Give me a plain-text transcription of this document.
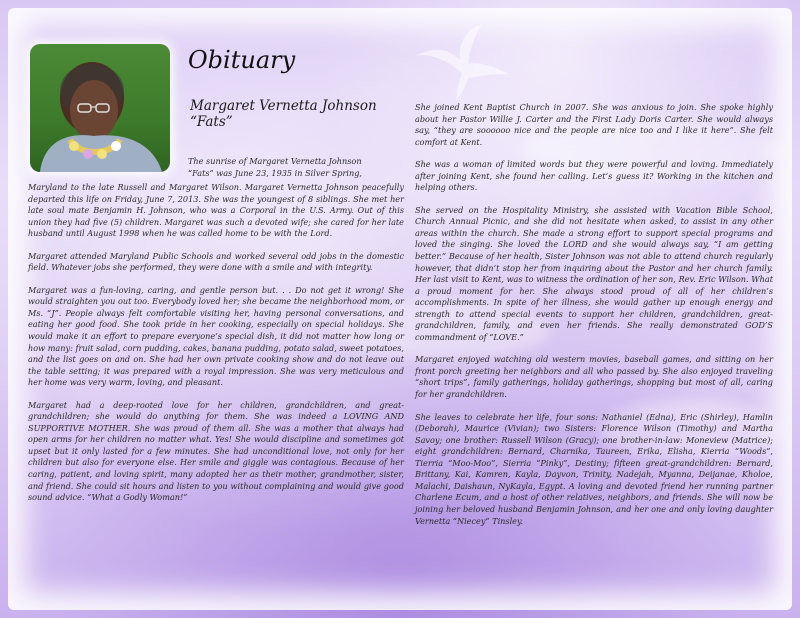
Obituary
Margaret Vernetta Johnson
“Fats”

The sunrise of Margaret Vernetta Johnson

“Fats” was June 23, 1935 in Silver Spring,

Maryland to the late Russell and Margaret Wilson. Margaret Vernetta Johnson peacefully departed this life on Friday, June 7, 2013. She was the youngest of 8 siblings. She met her late soul mate Benjamin H. Johnson, who was a Corporal in the U.S. Army. Out of this union they had five (5) children. Margaret was such a devoted wife; she cared for her late husband until August 1998 when he was called home to be with the Lord.

Margaret attended Maryland Public Schools and worked several odd jobs in the domestic field. Whatever jobs she performed, they were done with a smile and with integrity.

Margaret was a fun-loving, caring, and gentle person but. . . Do not get it wrong! She would straighten you out too. Everybody loved her; she became the neighborhood mom, or Ms. “J”. People always felt comfortable visiting her, having personal conversations, and eating her good food. She took pride in her cooking, especially on special holidays. She would make it an effort to prepare everyone’s special dish, it did not matter how long or how many: fruit salad, corn pudding, cakes, banana pudding, potato salad, sweet potatoes, and the list goes on and on. She had her own private cooking show and do not leave out the table setting; it was prepared with a royal impression. She was very meticulous and her home was very warm, loving, and pleasant.

Margaret had a deep-rooted love for her children, grandchildren, and great- grandchildren; she would do anything for them. She was indeed a LOVING AND SUPPORTIVE MOTHER. She was proud of them all. She was a mother that always had open arms for her children no matter what. Yes! She would discipline and sometimes got upset but it only lasted for a few minutes. She had unconditional love, not only for her children but also for everyone else. Her smile and giggle was contagious. Because of her caring, patient, and loving spirit, many adopted her as their mother, grandmother, sister, and friend. She could sit hours and listen to you without complaining and would give good sound advice. “What a Godly Woman!”

She joined Kent Baptist Church in 2007. She was anxious to join. She spoke highly about her Pastor Willie J. Carter and the First Lady Doris Carter. She would always say, “they are soooooo nice and the people are nice too and I like it here”. She felt comfort at Kent.

She was a woman of limited words but they were powerful and loving. Immediately after joining Kent, she found her calling. Let’s guess it? Working in the kitchen and helping others.

She served on the Hospitality Ministry, she assisted with Vacation Bible School, Church Annual Picnic, and she did not hesitate when asked, to assist in any other areas within the church. She made a strong effort to support special programs and loved the singing. She loved the LORD and she would always say, “I am getting better.” Because of her health, Sister Johnson was not able to attend church regularly however, that didn’t stop her from inquiring about the Pastor and her church family. Her last visit to Kent, was to witness the ordination of her son, Rev. Eric Wilson. What a proud moment for her. She always stood proud of all of her children’s accomplishments. In spite of her illness, she would gather up enough energy and strength to attend special events to support her children, grandchildren, great-grandchildren, family, and even her friends. She really demonstrated GOD’S commandment of “LOVE.”

Margaret enjoyed watching old western movies, baseball games, and sitting on her front porch greeting her neighbors and all who passed by. She also enjoyed traveling “short trips”, family gatherings, holiday gatherings, shopping but most of all, caring for her grandchildren.

She leaves to celebrate her life, four sons: Nathaniel (Edna), Eric (Shirley), Hamlin (Deborah), Maurice (Vivian); two Sisters: Florence Wilson (Timothy) and Martha Savoy; one brother: Russell Wilson (Gracy); one brother-in-law: Moneview (Matrice); eight grandchildren: Bernard, Charnika, Taureen, Erika, Elisha, Kierria “Woods”, Tierria “Moo-Moo”, Sierria “Pinky”, Destiny; fifteen great-grandchildren: Bernard, Brittany, Kai, Kamren, Kayla, Dayvon, Trinity, Nadejah, Myanna, Deijanae, Kholoe, Malachi, Daishaun, NyKayla, Egypt. A loving and devoted friend her running partner Charlene Ecum, and a host of other relatives, neighbors, and friends. She will now be joining her beloved husband Benjamin Johnson, and her one and only loving daughter Vernetta “Niecey” Tinsley.
